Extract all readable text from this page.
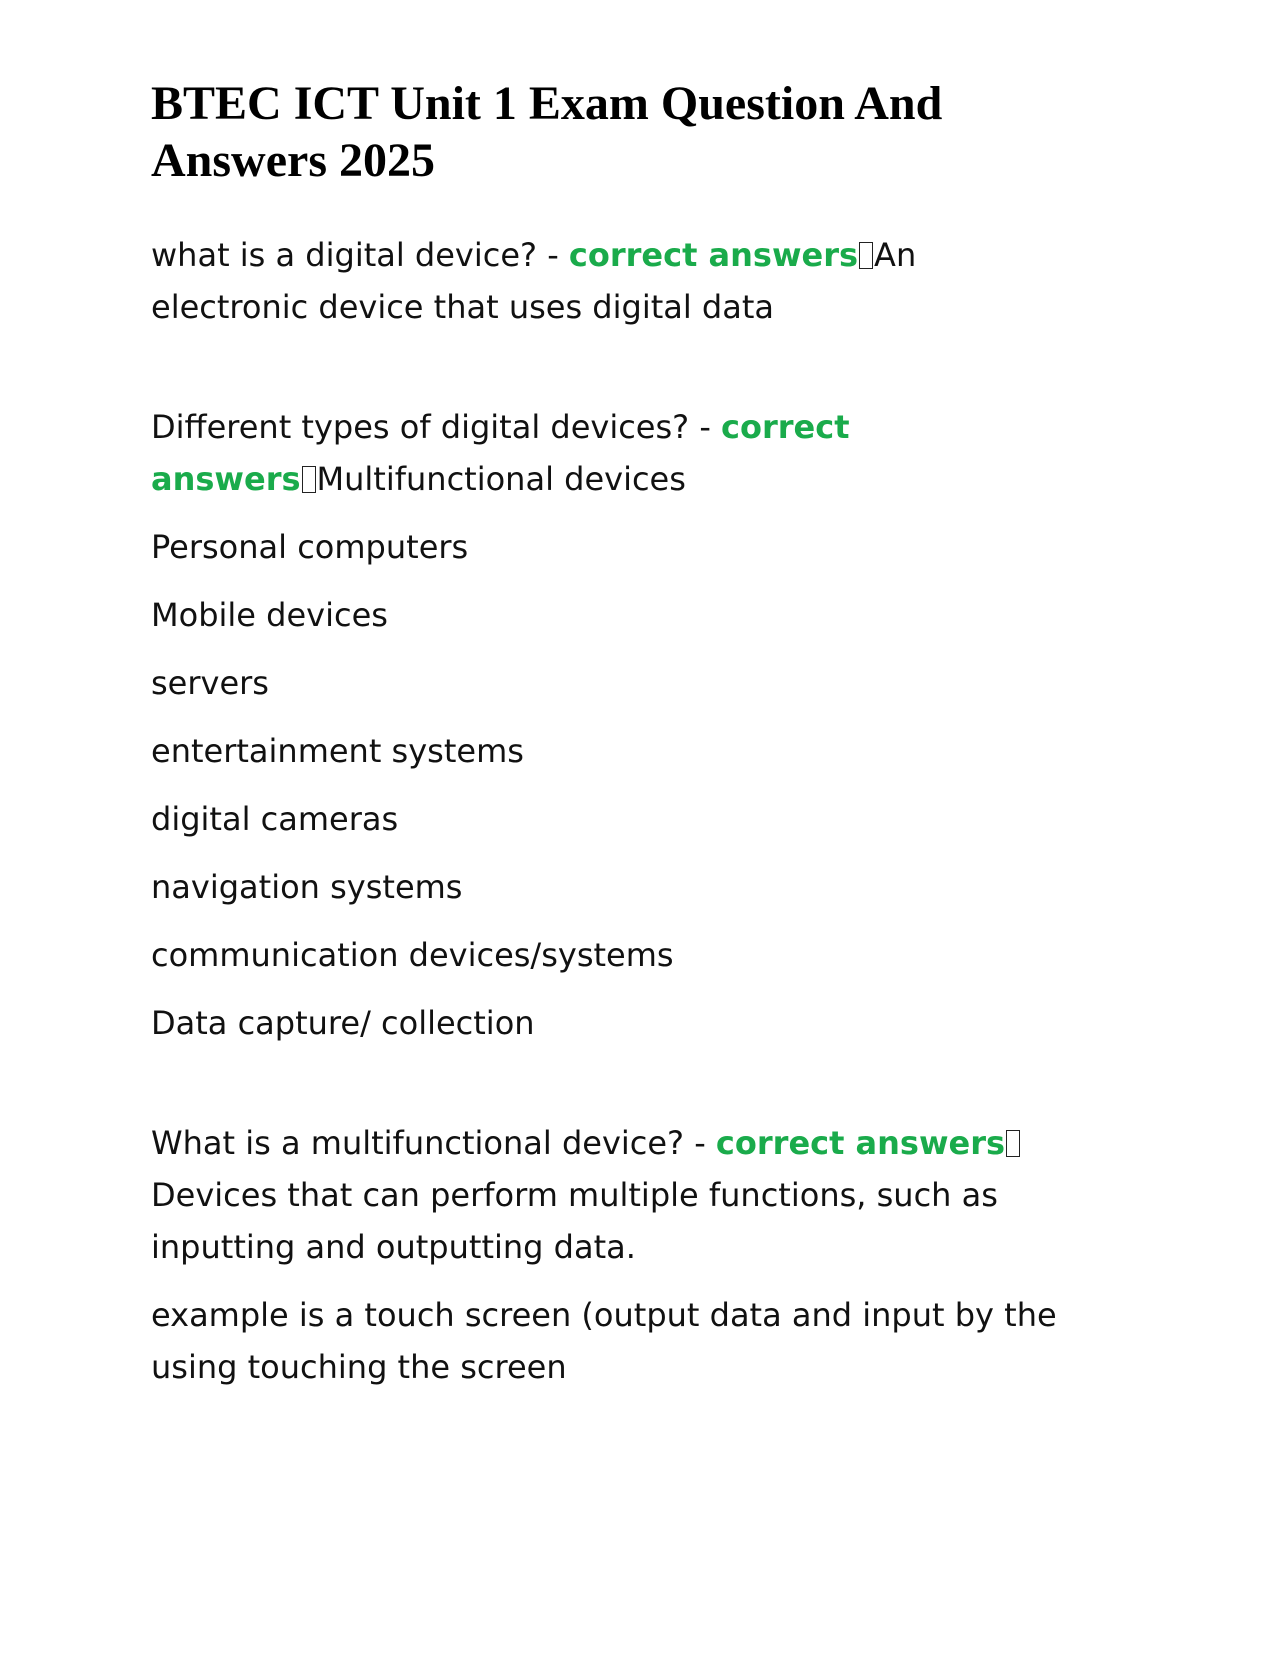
BTEC ICT Unit 1 Exam Question And Answers 2025

what is a digital device? - correct answers An electronic device that uses digital data

Different types of digital devices? - correct answers Multifunctional devices

Personal computers

Mobile devices

servers

entertainment systems

digital cameras

navigation systems

communication devices/systems

Data capture/ collection

What is a multifunctional device? - correct answersDevices that can perform multiple functions, such as inputting and outputting data.

example is a touch screen (output data and input by the using touching the screen
